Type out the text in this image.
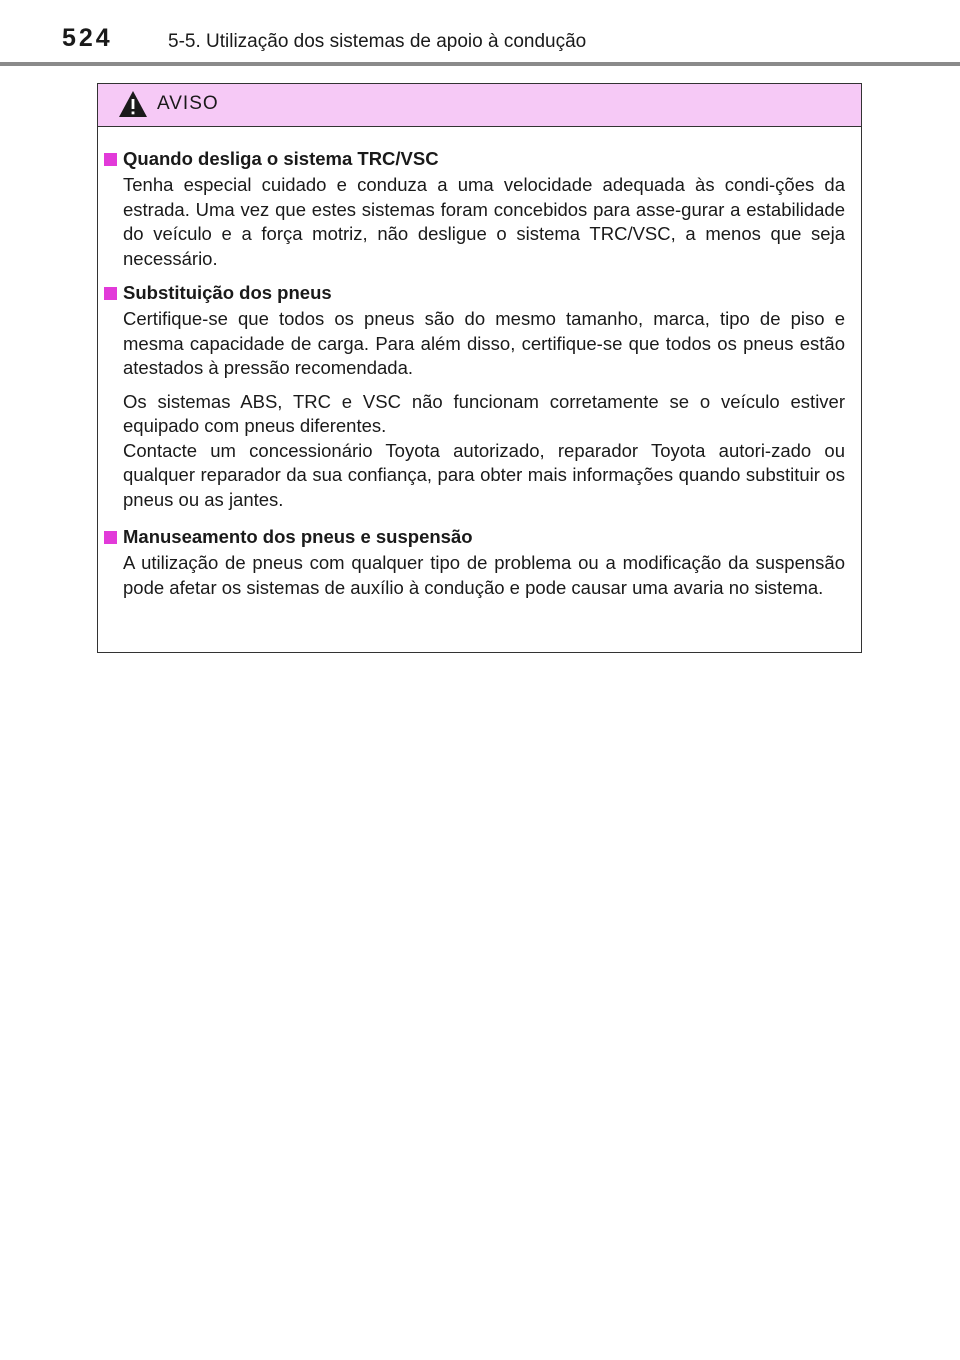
524	5-5. Utilização dos sistemas de apoio à condução
AVISO
Quando desliga o sistema TRC/VSC

Tenha especial cuidado e conduza a uma velocidade adequada às condi-ções da estrada. Uma vez que estes sistemas foram concebidos para asse-gurar a estabilidade do veículo e a força motriz, não desligue o sistema TRC/VSC, a menos que seja necessário.

Substituição dos pneus

Certifique-se que todos os pneus são do mesmo tamanho, marca, tipo de piso e mesma capacidade de carga. Para além disso, certifique-se que todos os pneus estão atestados à pressão recomendada.

Os sistemas ABS, TRC e VSC não funcionam corretamente se o veículo estiver equipado com pneus diferentes.

Contacte um concessionário Toyota autorizado, reparador Toyota autori-zado ou qualquer reparador da sua confiança, para obter mais informações quando substituir os pneus ou as jantes.

Manuseamento dos pneus e suspensão

A utilização de pneus com qualquer tipo de problema ou a modificação da suspensão pode afetar os sistemas de auxílio à condução e pode causar uma avaria no sistema.
